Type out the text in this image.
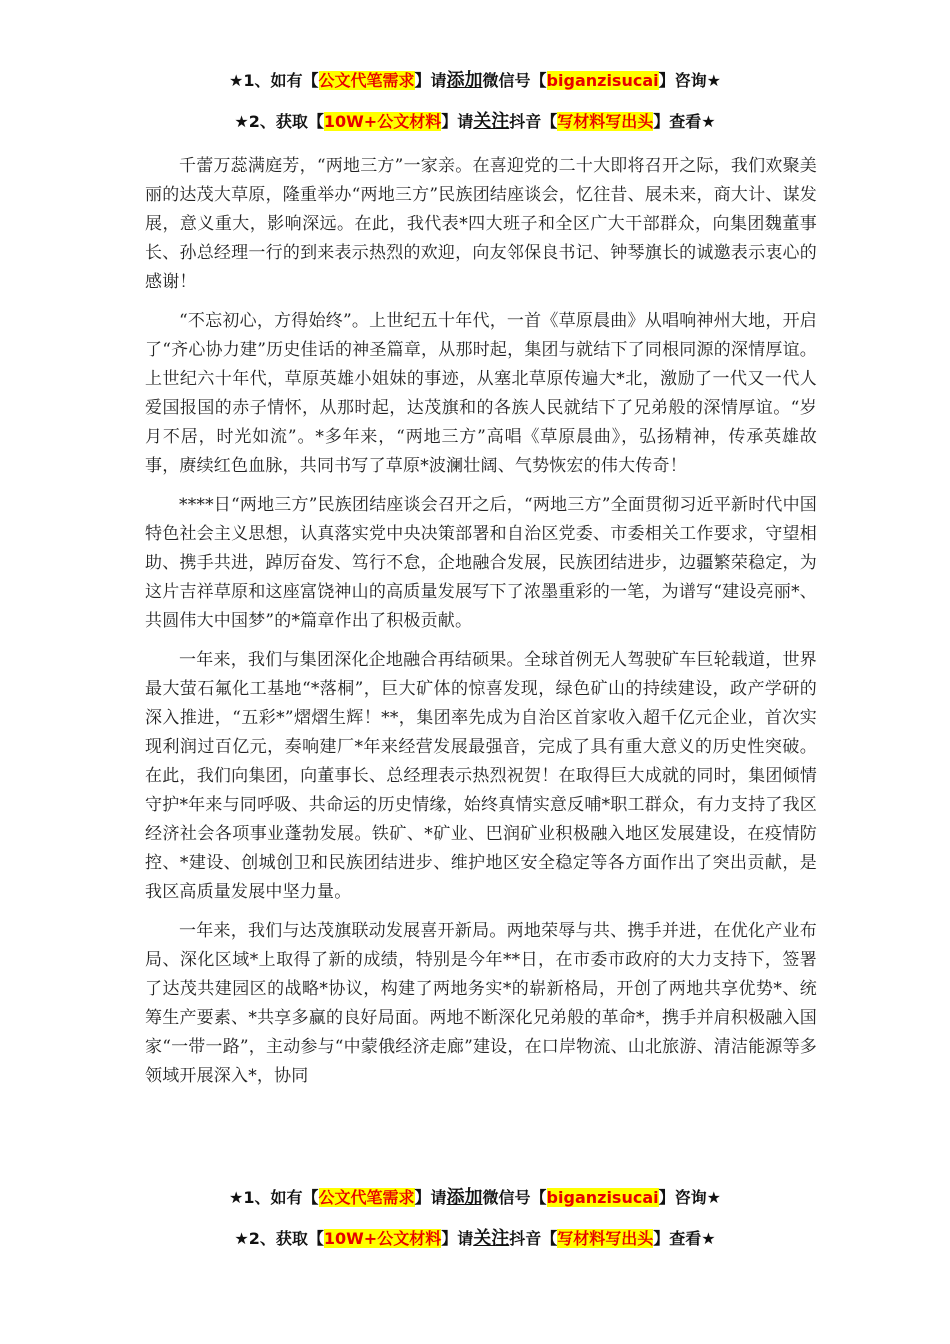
★1、如有【公文代笔需求】请添加微信号【biganzisucai】咨询★
★2、获取【10W+公文材料】请关注抖音【写材料写出头】查看★

千蕾万蕊满庭芳，“两地三方”一家亲。在喜迎党的二十大即将召开之际，我们欢聚美丽的达茂大草原，隆重举办“两地三方”民族团结座谈会，忆往昔、展未来，商大计、谋发展，意义重大，影响深远。在此，我代表*四大班子和全区广大干部群众，向集团魏董事长、孙总经理一行的到来表示热烈的欢迎，向友邻保良书记、钟琴旗长的诚邀表示衷心的感谢！

“不忘初心，方得始终”。上世纪五十年代，一首《草原晨曲》从唱响神州大地，开启了“齐心协力建”历史佳话的神圣篇章，从那时起，集团与就结下了同根同源的深情厚谊。上世纪六十年代，草原英雄小姐妹的事迹，从塞北草原传遍大*北，激励了一代又一代人爱国报国的赤子情怀，从那时起，达茂旗和的各族人民就结下了兄弟般的深情厚谊。“岁月不居，时光如流”。*多年来，“两地三方”高唱《草原晨曲》，弘扬精神，传承英雄故事，赓续红色血脉，共同书写了草原*波澜壮阔、气势恢宏的伟大传奇！

****日“两地三方”民族团结座谈会召开之后，“两地三方”全面贯彻习近平新时代中国特色社会主义思想，认真落实党中央决策部署和自治区党委、市委相关工作要求，守望相助、携手共进，踔厉奋发、笃行不怠，企地融合发展，民族团结进步，边疆繁荣稳定，为这片吉祥草原和这座富饶神山的高质量发展写下了浓墨重彩的一笔，为谱写“建设亮丽*、共圆伟大中国梦”的*篇章作出了积极贡献。

一年来，我们与集团深化企地融合再结硕果。全球首例无人驾驶矿车巨轮载道，世界最大萤石氟化工基地“*落桐”，巨大矿体的惊喜发现，绿色矿山的持续建设，政产学研的深入推进，“五彩*”熠熠生辉！**，集团率先成为自治区首家收入超千亿元企业，首次实现利润过百亿元，奏响建厂*年来经营发展最强音，完成了具有重大意义的历史性突破。在此，我们向集团，向董事长、总经理表示热烈祝贺！在取得巨大成就的同时，集团倾情守护*年来与同呼吸、共命运的历史情缘，始终真情实意反哺*职工群众，有力支持了我区经济社会各项事业蓬勃发展。铁矿、*矿业、巴润矿业积极融入地区发展建设，在疫情防控、*建设、创城创卫和民族团结进步、维护地区安全稳定等各方面作出了突出贡献，是我区高质量发展中坚力量。

一年来，我们与达茂旗联动发展喜开新局。两地荣辱与共、携手并进，在优化产业布局、深化区域*上取得了新的成绩，特别是今年**日，在市委市政府的大力支持下，签署了达茂共建园区的战略*协议，构建了两地务实*的崭新格局，开创了两地共享优势*、统筹生产要素、*共享多赢的良好局面。两地不断深化兄弟般的革命*，携手并肩积极融入国家“一带一路”，主动参与“中蒙俄经济走廊”建设，在口岸物流、山北旅游、清洁能源等多领域开展深入*，协同

★1、如有【公文代笔需求】请添加微信号【biganzisucai】咨询★
★2、获取【10W+公文材料】请关注抖音【写材料写出头】查看★
